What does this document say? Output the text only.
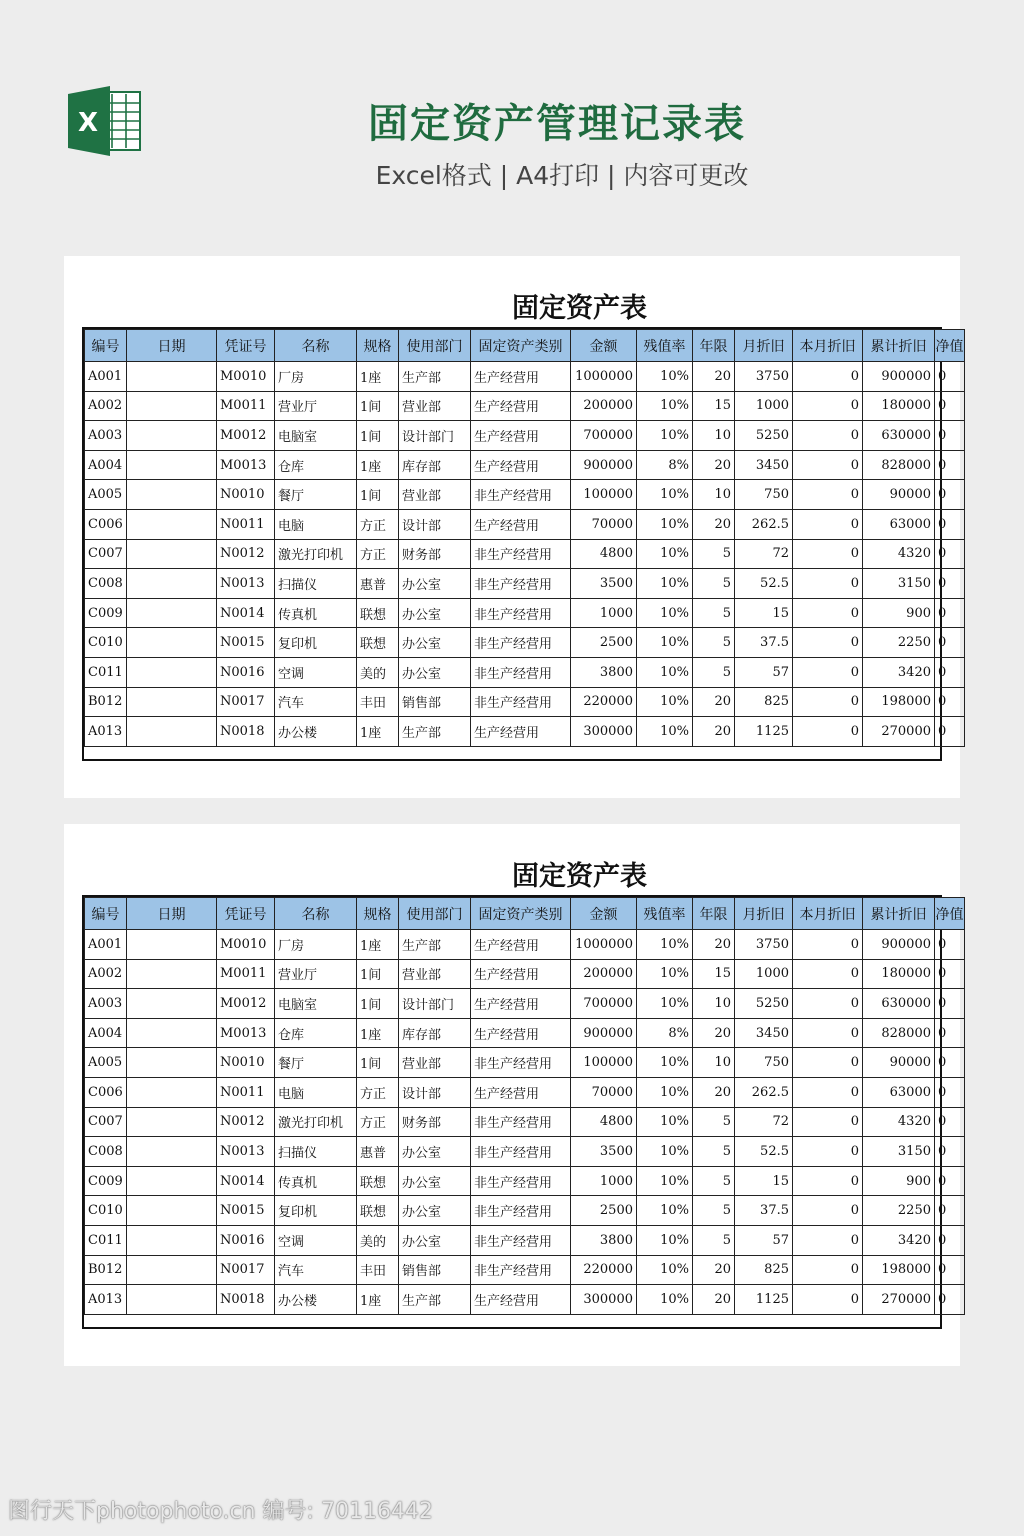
X	固定资产管理记录表
Excel格式 | A4打印 | 内容可更改
固定资产表
编号	日期	凭证号	名称	规格	使用部门	固定资产类别	金额	残值率	年限	月折旧	本月折旧	累计折旧	净值
A001		M0010	厂房	1座	生产部	生产经营用	1000000	10%	20	3750	0	900000	0
A002		M0011	营业厅	1间	营业部	生产经营用	200000	10%	15	1000	0	180000	0
A003		M0012	电脑室	1间	设计部门	生产经营用	700000	10%	10	5250	0	630000	0
A004		M0013	仓库	1座	库存部	生产经营用	900000	8%	20	3450	0	828000	0
A005		N0010	餐厅	1间	营业部	非生产经营用	100000	10%	10	750	0	90000	0
C006		N0011	电脑	方正	设计部	生产经营用	70000	10%	20	262.5	0	63000	0
C007		N0012	激光打印机	方正	财务部	非生产经营用	4800	10%	5	72	0	4320	0
C008		N0013	扫描仪	惠普	办公室	非生产经营用	3500	10%	5	52.5	0	3150	0
C009		N0014	传真机	联想	办公室	非生产经营用	1000	10%	5	15	0	900	0
C010		N0015	复印机	联想	办公室	非生产经营用	2500	10%	5	37.5	0	2250	0
C011		N0016	空调	美的	办公室	非生产经营用	3800	10%	5	57	0	3420	0
B012		N0017	汽车	丰田	销售部	非生产经营用	220000	10%	20	825	0	198000	0
A013		N0018	办公楼	1座	生产部	生产经营用	300000	10%	20	1125	0	270000	0
固定资产表
编号	日期	凭证号	名称	规格	使用部门	固定资产类别	金额	残值率	年限	月折旧	本月折旧	累计折旧	净值
A001		M0010	厂房	1座	生产部	生产经营用	1000000	10%	20	3750	0	900000	0
A002		M0011	营业厅	1间	营业部	生产经营用	200000	10%	15	1000	0	180000	0
A003		M0012	电脑室	1间	设计部门	生产经营用	700000	10%	10	5250	0	630000	0
A004		M0013	仓库	1座	库存部	生产经营用	900000	8%	20	3450	0	828000	0
A005		N0010	餐厅	1间	营业部	非生产经营用	100000	10%	10	750	0	90000	0
C006		N0011	电脑	方正	设计部	生产经营用	70000	10%	20	262.5	0	63000	0
C007		N0012	激光打印机	方正	财务部	非生产经营用	4800	10%	5	72	0	4320	0
C008		N0013	扫描仪	惠普	办公室	非生产经营用	3500	10%	5	52.5	0	3150	0
C009		N0014	传真机	联想	办公室	非生产经营用	1000	10%	5	15	0	900	0
C010		N0015	复印机	联想	办公室	非生产经营用	2500	10%	5	37.5	0	2250	0
C011		N0016	空调	美的	办公室	非生产经营用	3800	10%	5	57	0	3420	0
B012		N0017	汽车	丰田	销售部	非生产经营用	220000	10%	20	825	0	198000	0
A013		N0018	办公楼	1座	生产部	生产经营用	300000	10%	20	1125	0	270000	0
图行天下photophoto.cn 编号: 70116442
